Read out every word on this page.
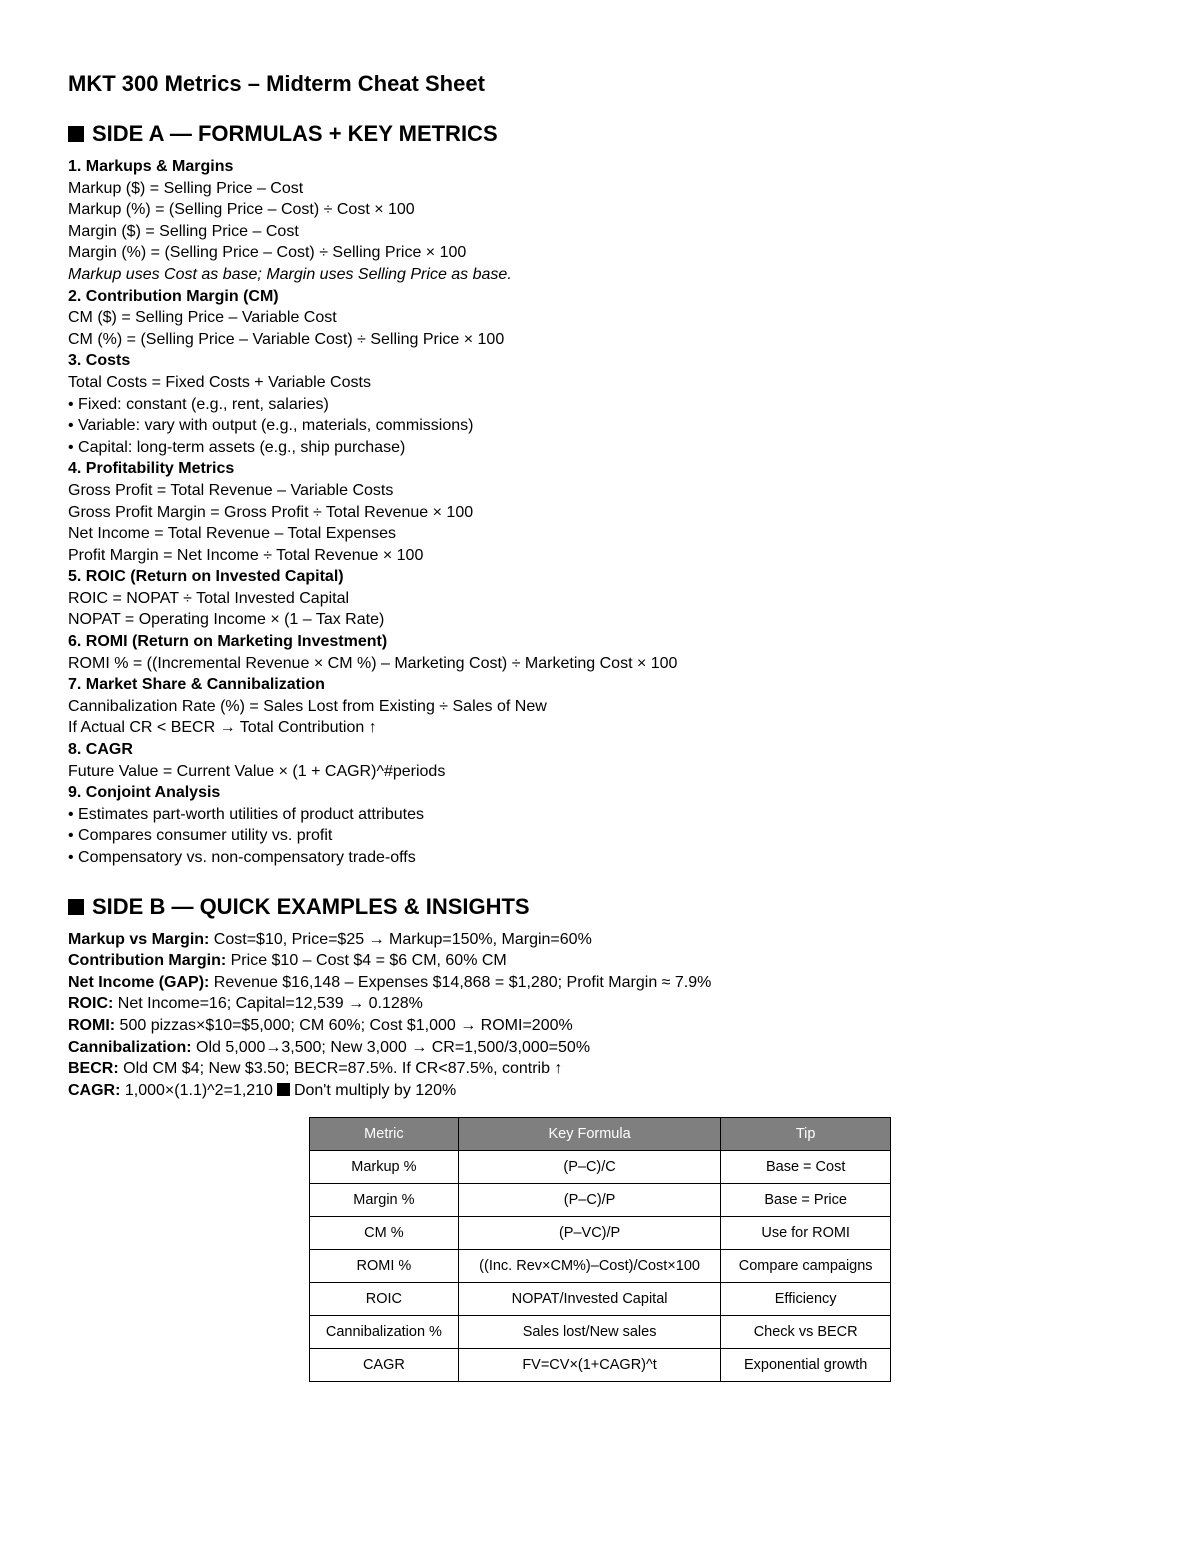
MKT 300 Metrics – Midterm Cheat Sheet
SIDE A — FORMULAS + KEY METRICS
1. Markups & Margins
Markup ($) = Selling Price – Cost
Markup (%) = (Selling Price – Cost) ÷ Cost × 100
Margin ($) = Selling Price – Cost
Margin (%) = (Selling Price – Cost) ÷ Selling Price × 100
Markup uses Cost as base; Margin uses Selling Price as base.
2. Contribution Margin (CM)
CM ($) = Selling Price – Variable Cost
CM (%) = (Selling Price – Variable Cost) ÷ Selling Price × 100
3. Costs
Total Costs = Fixed Costs + Variable Costs
• Fixed: constant (e.g., rent, salaries)
• Variable: vary with output (e.g., materials, commissions)
• Capital: long-term assets (e.g., ship purchase)
4. Profitability Metrics
Gross Profit = Total Revenue – Variable Costs
Gross Profit Margin = Gross Profit ÷ Total Revenue × 100
Net Income = Total Revenue – Total Expenses
Profit Margin = Net Income ÷ Total Revenue × 100
5. ROIC (Return on Invested Capital)
ROIC = NOPAT ÷ Total Invested Capital
NOPAT = Operating Income × (1 – Tax Rate)
6. ROMI (Return on Marketing Investment)
ROMI % = ((Incremental Revenue × CM %) – Marketing Cost) ÷ Marketing Cost × 100
7. Market Share & Cannibalization
Cannibalization Rate (%) = Sales Lost from Existing ÷ Sales of New
If Actual CR < BECR → Total Contribution ↑
8. CAGR
Future Value = Current Value × (1 + CAGR)^#periods
9. Conjoint Analysis
• Estimates part-worth utilities of product attributes
• Compares consumer utility vs. profit
• Compensatory vs. non-compensatory trade-offs
SIDE B — QUICK EXAMPLES & INSIGHTS
Markup vs Margin: Cost=$10, Price=$25 → Markup=150%, Margin=60%
Contribution Margin: Price $10 – Cost $4 = $6 CM, 60% CM
Net Income (GAP): Revenue $16,148 – Expenses $14,868 = $1,280; Profit Margin ≈ 7.9%
ROIC: Net Income=16; Capital=12,539 → 0.128%
ROMI: 500 pizzas×$10=$5,000; CM 60%; Cost $1,000 → ROMI=200%
Cannibalization: Old 5,000→3,500; New 3,000 → CR=1,500/3,000=50%
BECR: Old CM $4; New $3.50; BECR=87.5%. If CR<87.5%, contrib ↑
CAGR: 1,000×(1.1)^2=1,210 Don't multiply by 120%
Metric	Key Formula	Tip
Markup %	(P–C)/C	Base = Cost
Margin %	(P–C)/P	Base = Price
CM %	(P–VC)/P	Use for ROMI
ROMI %	((Inc. Rev×CM%)–Cost)/Cost×100	Compare campaigns
ROIC	NOPAT/Invested Capital	Efficiency
Cannibalization %	Sales lost/New sales	Check vs BECR
CAGR	FV=CV×(1+CAGR)^t	Exponential growth
